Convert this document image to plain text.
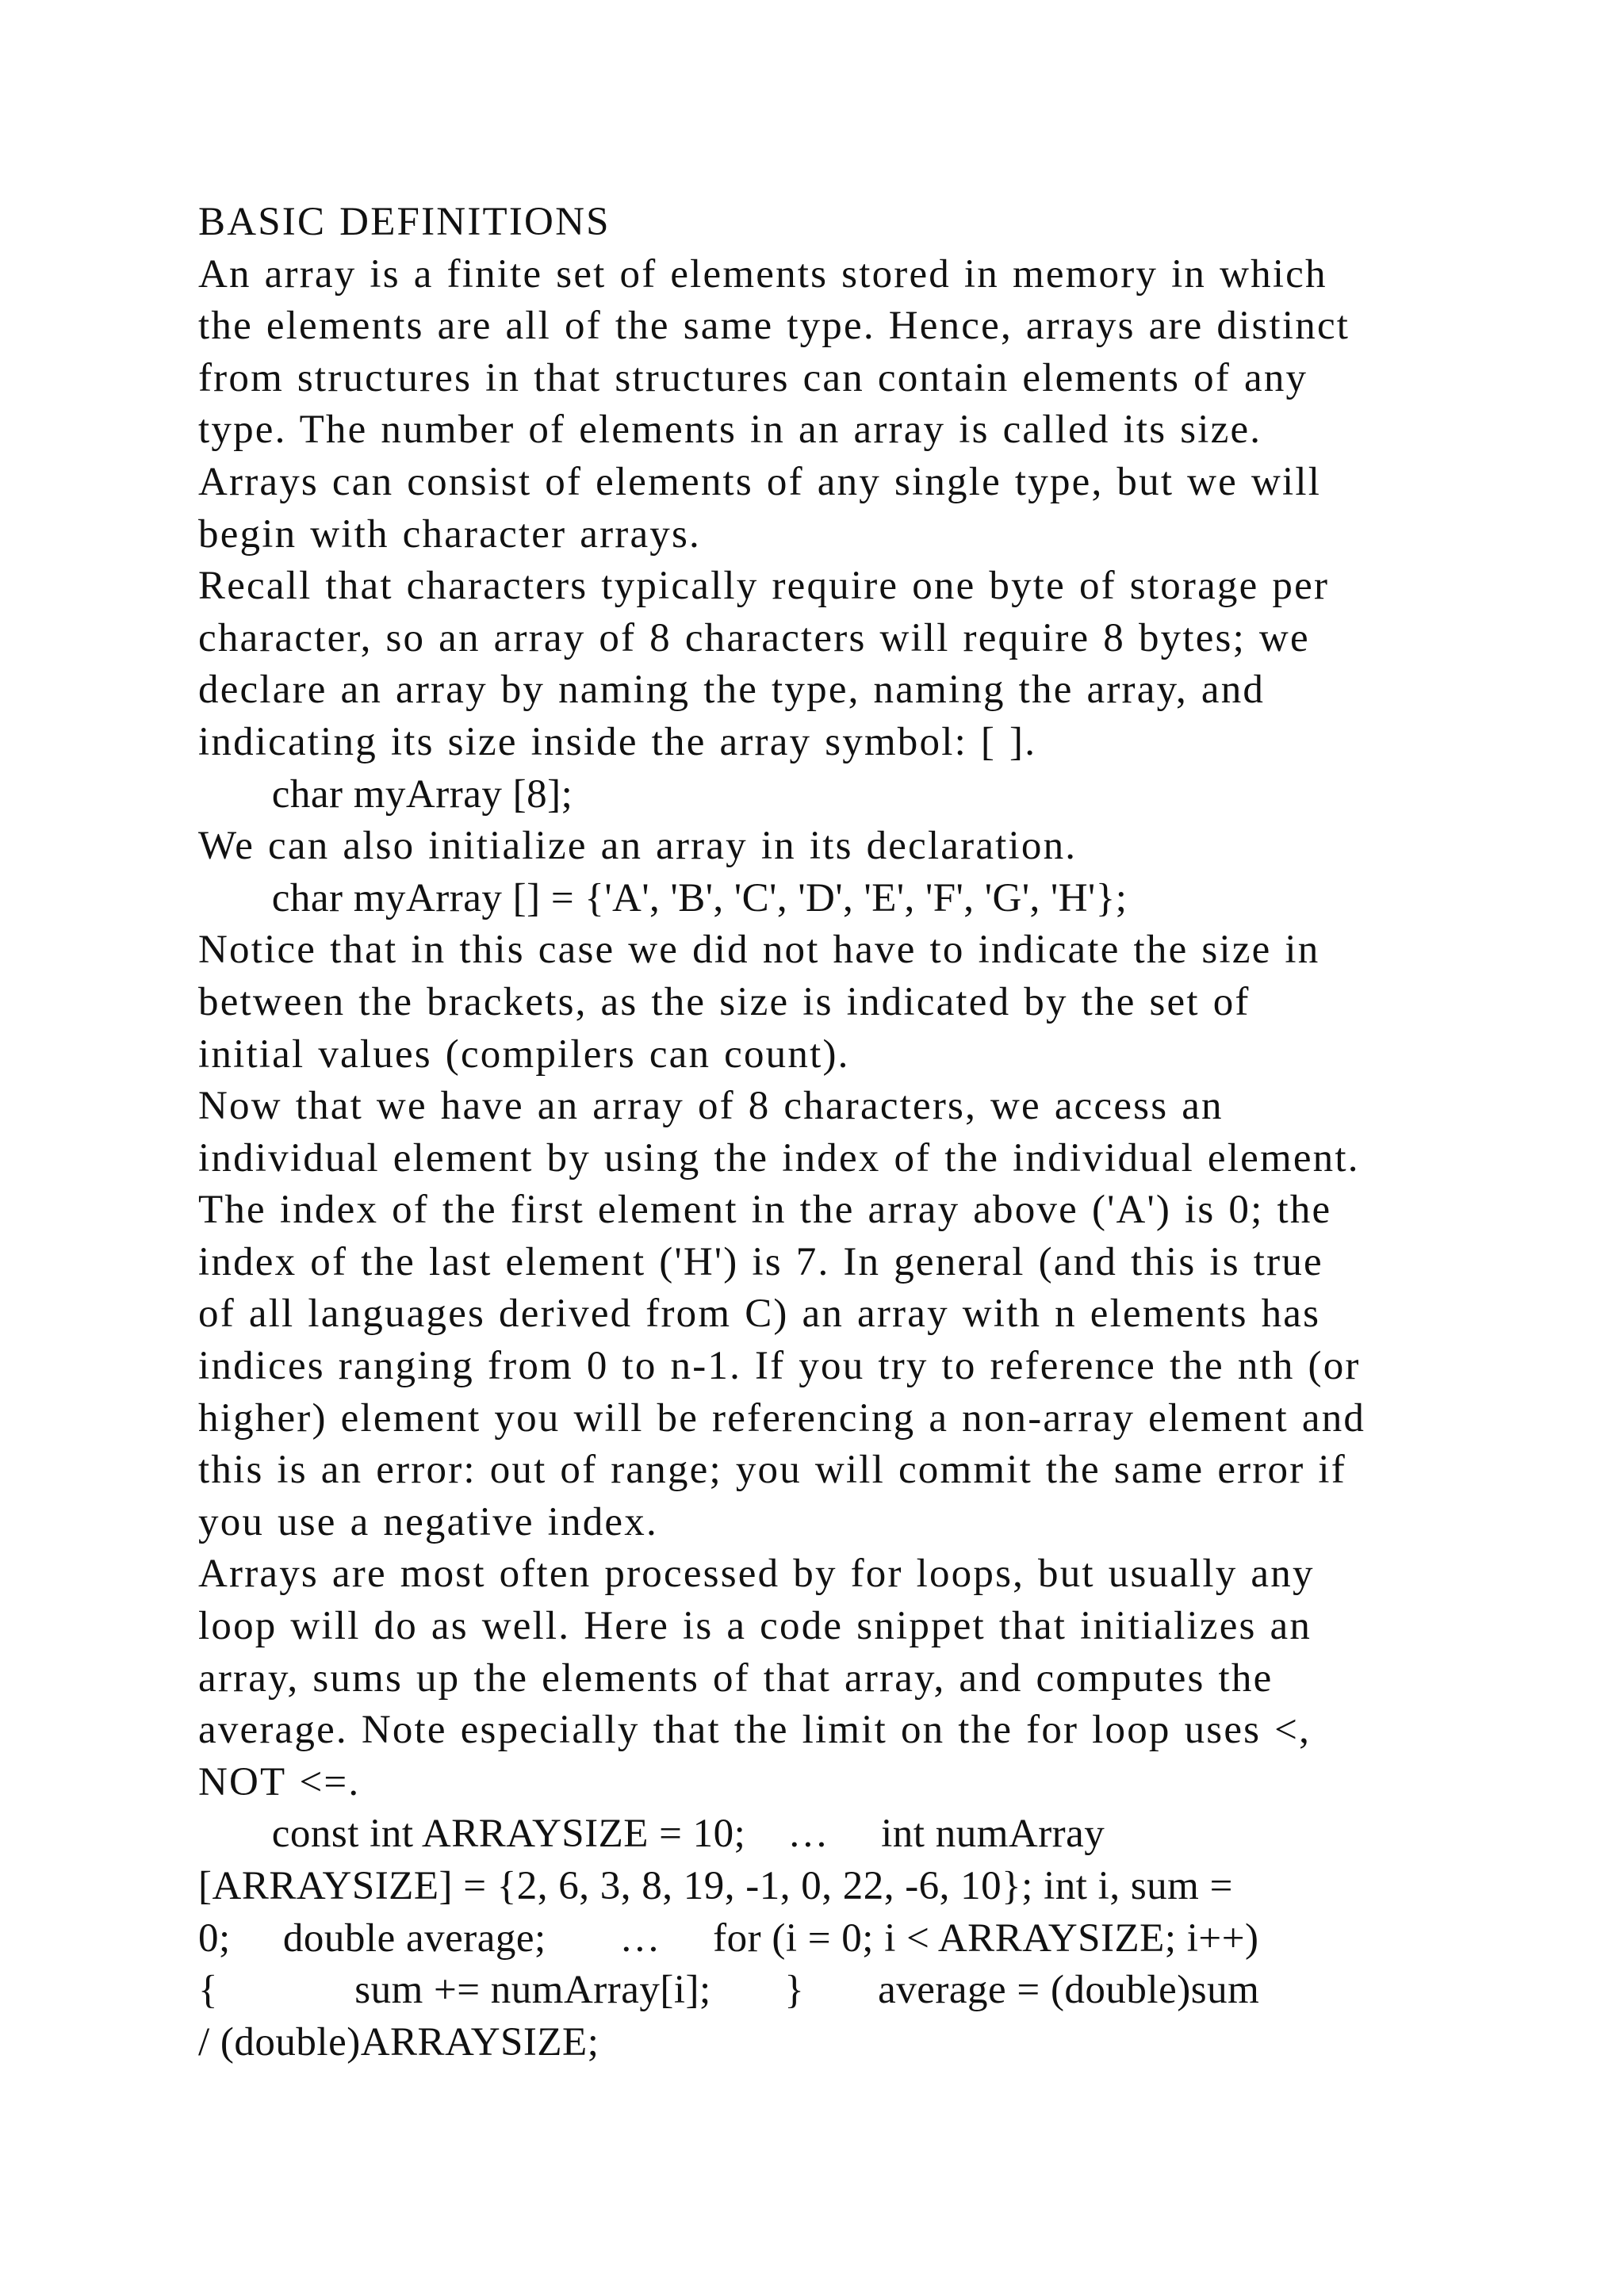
BASIC DEFINITIONS
An array is a finite set of elements stored in memory in which
the elements are all of the same type. Hence, arrays are distinct
from structures in that structures can contain elements of any
type. The number of elements in an array is called its size.
Arrays can consist of elements of any single type, but we will
begin with character arrays.
Recall that characters typically require one byte of storage per
character, so an array of 8 characters will require 8 bytes; we
declare an array by naming the type, naming the array, and
indicating its size inside the array symbol: [ ].
char myArray [8];
We can also initialize an array in its declaration.
char myArray [] = {'A', 'B', 'C', 'D', 'E', 'F', 'G', 'H'};
Notice that in this case we did not have to indicate the size in
between the brackets, as the size is indicated by the set of
initial values (compilers can count).
Now that we have an array of 8 characters, we access an
individual element by using the index of the individual element.
The index of the first element in the array above ('A') is 0; the
index of the last element ('H') is 7. In general (and this is true
of all languages derived from C) an array with n elements has
indices ranging from 0 to n-1. If you try to reference the nth (or
higher) element you will be referencing a non-array element and
this is an error: out of range; you will commit the same error if
you use a negative index.
Arrays are most often processed by for loops, but usually any
loop will do as well. Here is a code snippet that initializes an
array, sums up the elements of that array, and computes the
average. Note especially that the limit on the for loop uses <,
NOT <=.
const int ARRAYSIZE = 10;    …     int numArray
[ARRAYSIZE] = {2, 6, 3, 8, 19, -1, 0, 22, -6, 10}; int i, sum =
0;     double average;       …     for (i = 0; i < ARRAYSIZE; i++)
{             sum += numArray[i];       }       average = (double)sum
/ (double)ARRAYSIZE;
